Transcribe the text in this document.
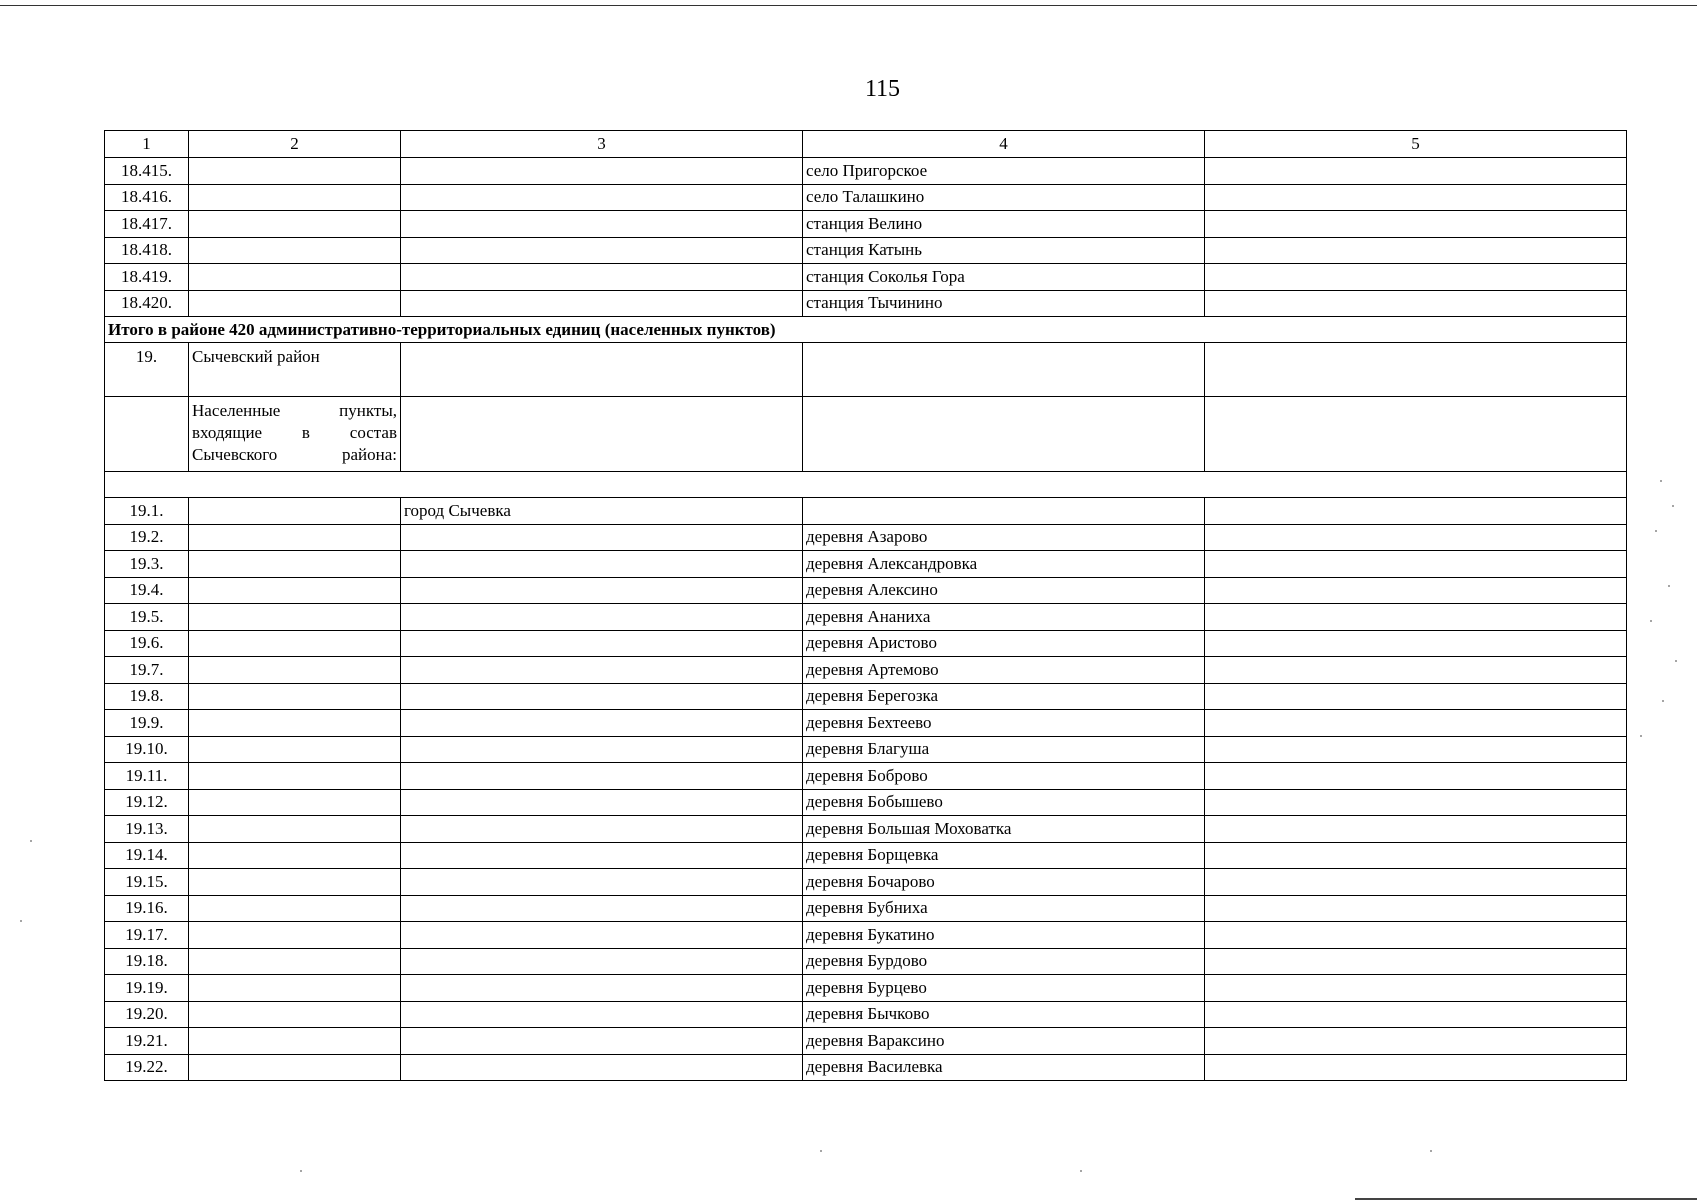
115
1	2	3	4	5
18.415.			село Пригорское	
18.416.			село Талашкино	
18.417.			станция Велино	
18.418.			станция Катынь	
18.419.			станция Соколья Гора	
18.420.			станция Тычинино	
Итого в районе 420 административно-территориальных единиц (населенных пунктов)				
19.	Сычевский район			
	Населенные пункты, входящие в состав Сычевского района:			

19.1.		город Сычевка		
19.2.			деревня Азарово	
19.3.			деревня Александровка	
19.4.			деревня Алексино	
19.5.			деревня Ананиха	
19.6.			деревня Аристово	
19.7.			деревня Артемово	
19.8.			деревня Берегозка	
19.9.			деревня Бехтеево	
19.10.			деревня Благуша	
19.11.			деревня Боброво	
19.12.			деревня Бобышево	
19.13.			деревня Большая Моховатка	
19.14.			деревня Борщевка	
19.15.			деревня Бочарово	
19.16.			деревня Бубниха	
19.17.			деревня Букатино	
19.18.			деревня Бурдово	
19.19.			деревня Бурцево	
19.20.			деревня Бычково	
19.21.			деревня Вараксино	
19.22.			деревня Василевка	
